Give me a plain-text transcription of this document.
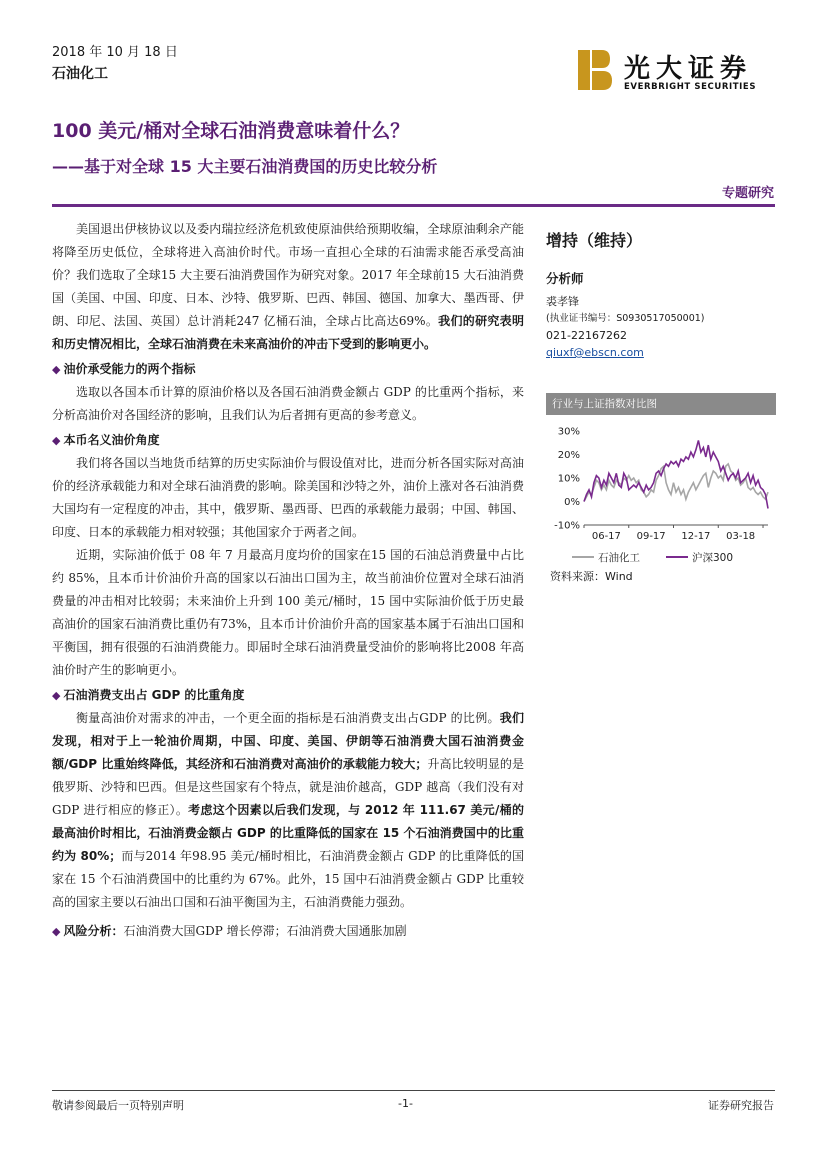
2018 年 10 月 18 日
石油化工	光大证券
EVERBRIGHT SECURITIES
100 美元/桶对全球石油消费意味着什么？
——基于对全球 15 大主要石油消费国的历史比较分析
专题研究

美国退出伊核协议以及委内瑞拉经济危机致使原油供给预期收编，全球原油剩余产能将降至历史低位，全球将进入高油价时代。市场一直担心全球的石油需求能否承受高油价？我们选取了全球15 大主要石油消费国作为研究对象。2017 年全球前15 大石油消费国（美国、中国、印度、日本、沙特、俄罗斯、巴西、韩国、德国、加拿大、墨西哥、伊朗、印尼、法国、英国）总计消耗247 亿桶石油，全球占比高达69%。我们的研究表明和历史情况相比，全球石油消费在未来高油价的冲击下受到的影响更小。

◆ 油价承受能力的两个指标

选取以各国本币计算的原油价格以及各国石油消费金额占 GDP 的比重两个指标，来分析高油价对各国经济的影响，且我们认为后者拥有更高的参考意义。

◆ 本币名义油价角度

我们将各国以当地货币结算的历史实际油价与假设值对比，进而分析各国实际对高油价的经济承载能力和对全球石油消费的影响。除美国和沙特之外，油价上涨对各石油消费大国均有一定程度的冲击，其中，俄罗斯、墨西哥、巴西的承载能力最弱；中国、韩国、印度、日本的承载能力相对较强；其他国家介于两者之间。

近期，实际油价低于 08 年 7 月最高月度均价的国家在15 国的石油总消费量中占比约 85%，且本币计价油价升高的国家以石油出口国为主，故当前油价位置对全球石油消费量的冲击相对比较弱；未来油价上升到 100 美元/桶时，15 国中实际油价低于历史最高油价的国家石油消费比重仍有73%，且本币计价油价升高的国家基本属于石油出口国和平衡国，拥有很强的石油消费能力。即届时全球石油消费量受油价的影响将比2008 年高油价时产生的影响更小。

◆ 石油消费支出占 GDP 的比重角度

衡量高油价对需求的冲击，一个更全面的指标是石油消费支出占GDP 的比例。我们发现，相对于上一轮油价周期，中国、印度、美国、伊朗等石油消费大国石油消费金额/GDP 比重始终降低，其经济和石油消费对高油价的承载能力较大；升高比较明显的是俄罗斯、沙特和巴西。但是这些国家有个特点，就是油价越高，GDP 越高（我们没有对 GDP 进行相应的修正）。考虑这个因素以后我们发现，与 2012 年 111.67 美元/桶的最高油价时相比，石油消费金额占 GDP 的比重降低的国家在 15 个石油消费国中的比重约为 80%；而与2014 年98.95 美元/桶时相比，石油消费金额占 GDP 的比重降低的国家在 15 个石油消费国中的比重约为 67%。此外，15 国中石油消费金额占 GDP 比重较高的国家主要以石油出口国和石油平衡国为主，石油消费能力强劲。

◆ 风险分析：石油消费大国GDP 增长停滞；石油消费大国通胀加剧

增持（维持）
分析师
裘孝锋
(执业证书编号：S0930517050001)
021-22167262
qiuxf@ebscn.com
行业与上证指数对比图
30%
20%
10%
0%
-10%
06-17 09-17 12-17 03-18
石油化工	沪深300
资料来源：Wind
敬请参阅最后一页特别声明	-1-	证券研究报告
